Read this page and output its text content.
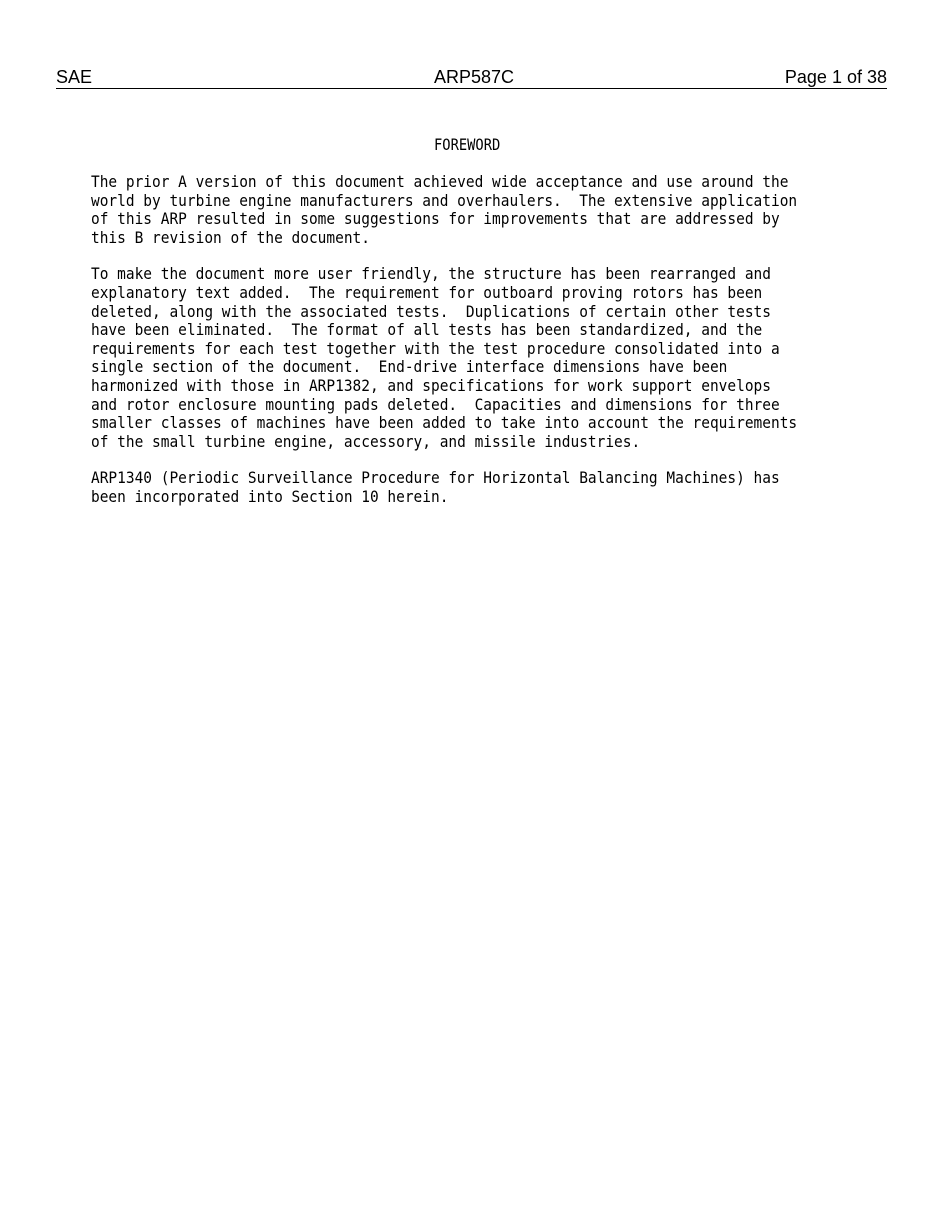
SAE	ARP587C	Page 1 of 38
FOREWORD

The prior A version of this document achieved wide acceptance and use around the
world by turbine engine manufacturers and overhaulers.  The extensive application
of this ARP resulted in some suggestions for improvements that are addressed by
this B revision of the document.

To make the document more user friendly, the structure has been rearranged and
explanatory text added.  The requirement for outboard proving rotors has been
deleted, along with the associated tests.  Duplications of certain other tests
have been eliminated.  The format of all tests has been standardized, and the
requirements for each test together with the test procedure consolidated into a
single section of the document.  End-drive interface dimensions have been
harmonized with those in ARP1382, and specifications for work support envelops
and rotor enclosure mounting pads deleted.  Capacities and dimensions for three
smaller classes of machines have been added to take into account the requirements
of the small turbine engine, accessory, and missile industries.

ARP1340 (Periodic Surveillance Procedure for Horizontal Balancing Machines) has
been incorporated into Section 10 herein.
